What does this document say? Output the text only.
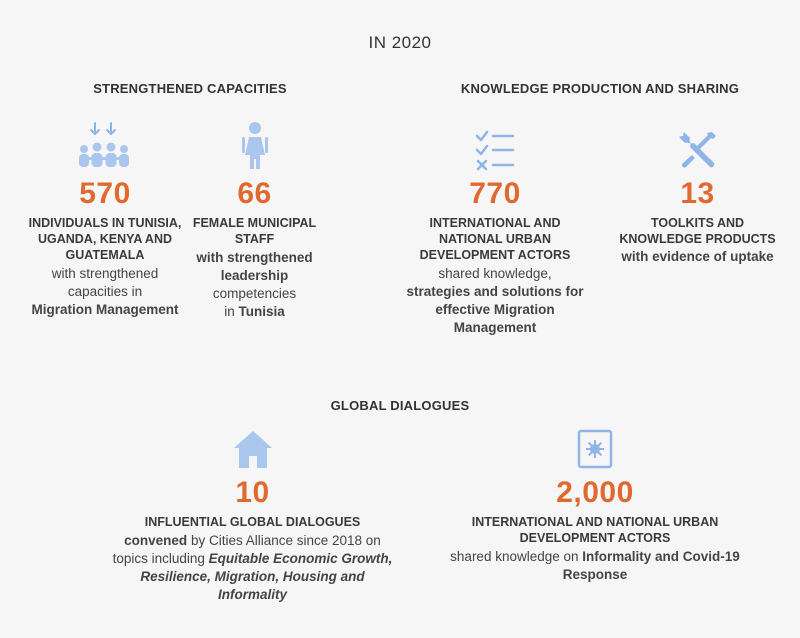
IN 2020
STRENGTHENED CAPACITIES	KNOWLEDGE PRODUCTION AND SHARING
GLOBAL DIALOGUES
570
INDIVIDUALS IN TUNISIA, UGANDA, KENYA AND GUATEMALA
with strengthened capacities in
Migration Management
66
FEMALE MUNICIPAL STAFF
with strengthened leadership
competencies
in Tunisia
770
INTERNATIONAL AND NATIONAL URBAN DEVELOPMENT ACTORS
shared knowledge,
strategies and solutions for effective Migration Management
13
TOOLKITS AND KNOWLEDGE PRODUCTS
with evidence of uptake
10
INFLUENTIAL GLOBAL DIALOGUES
convened by Cities Alliance since 2018 on topics including Equitable Economic Growth, Resilience, Migration, Housing and Informality
2,000
INTERNATIONAL AND NATIONAL URBAN DEVELOPMENT ACTORS
shared knowledge on Informality and Covid-19 Response
